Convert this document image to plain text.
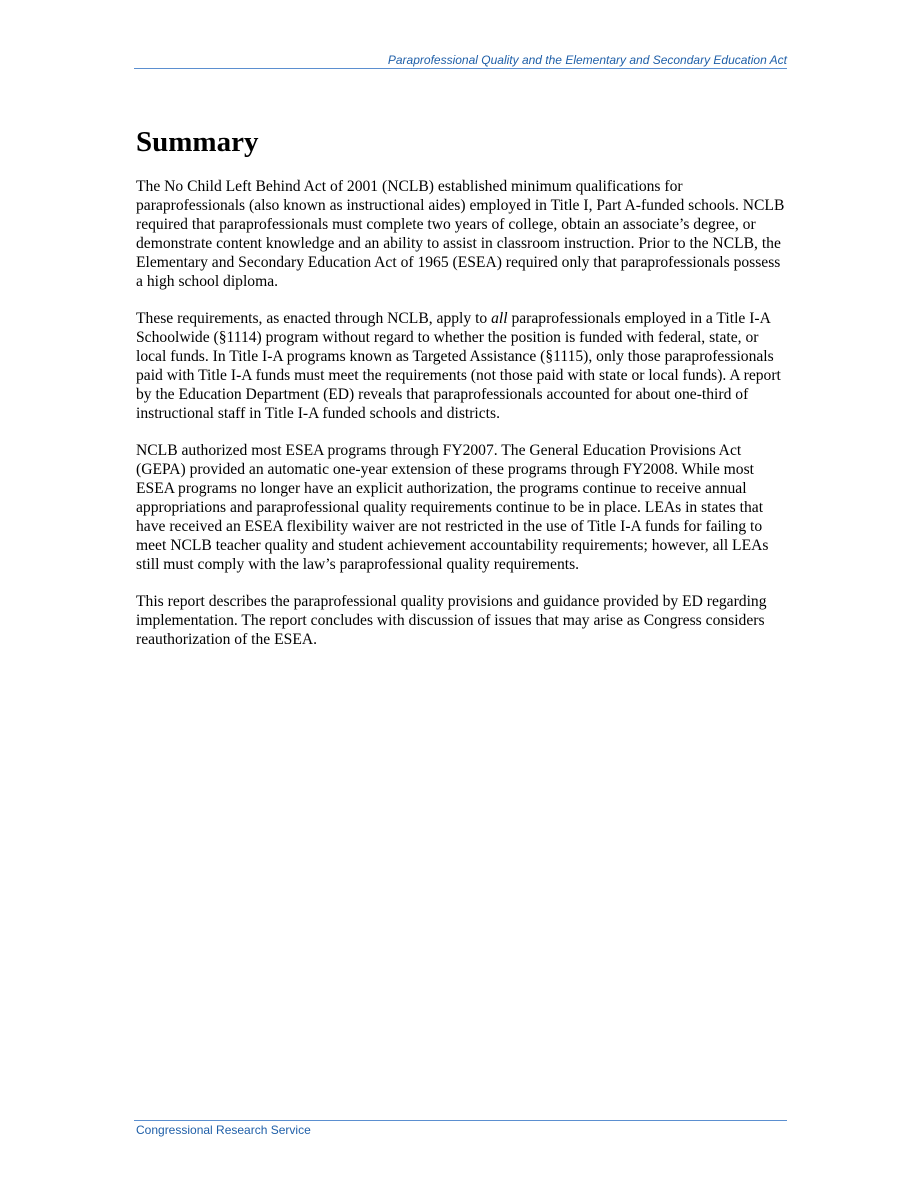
Paraprofessional Quality and the Elementary and Secondary Education Act
Summary

The No Child Left Behind Act of 2001 (NCLB) established minimum qualifications for paraprofessionals (also known as instructional aides) employed in Title I, Part A-funded schools. NCLB required that paraprofessionals must complete two years of college, obtain an associate’s degree, or demonstrate content knowledge and an ability to assist in classroom instruction. Prior to the NCLB, the Elementary and Secondary Education Act of 1965 (ESEA) required only that paraprofessionals possess a high school diploma.

These requirements, as enacted through NCLB, apply to all paraprofessionals employed in a Title I-A Schoolwide (§1114) program without regard to whether the position is funded with federal, state, or local funds. In Title I-A programs known as Targeted Assistance (§1115), only those paraprofessionals paid with Title I-A funds must meet the requirements (not those paid with state or local funds). A report by the Education Department (ED) reveals that paraprofessionals accounted for about one-third of instructional staff in Title I-A funded schools and districts.

NCLB authorized most ESEA programs through FY2007. The General Education Provisions Act (GEPA) provided an automatic one-year extension of these programs through FY2008. While most ESEA programs no longer have an explicit authorization, the programs continue to receive annual appropriations and paraprofessional quality requirements continue to be in place. LEAs in states that have received an ESEA flexibility waiver are not restricted in the use of Title I-A funds for failing to meet NCLB teacher quality and student achievement accountability requirements; however, all LEAs still must comply with the law’s paraprofessional quality requirements.

This report describes the paraprofessional quality provisions and guidance provided by ED regarding implementation. The report concludes with discussion of issues that may arise as Congress considers reauthorization of the ESEA.

Congressional Research Service
